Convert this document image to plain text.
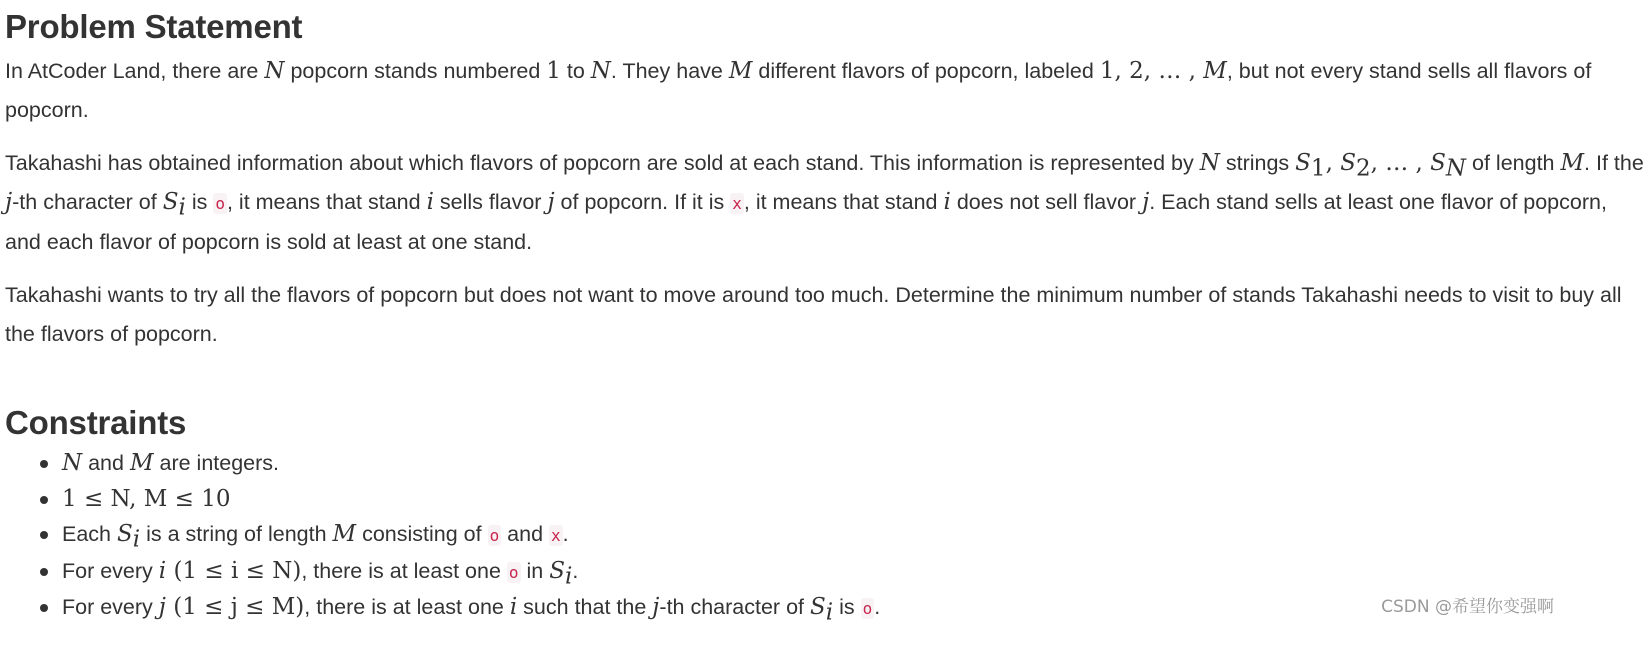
Problem Statement

In AtCoder Land, there are N popcorn stands numbered 1 to N. They have M different flavors of popcorn, labeled 1, 2, … , M, but not every stand sells all flavors of popcorn.

Takahashi has obtained information about which flavors of popcorn are sold at each stand. This information is represented by N strings $S_1$, $S_2$, … , $S_N$ of length M. If the j-th character of $S_i$ is o, it means that stand i sells flavor j of popcorn. If it is x, it means that stand i does not sell flavor j. Each stand sells at least one flavor of popcorn, and each flavor of popcorn is sold at least at one stand.

Takahashi wants to try all the flavors of popcorn but does not want to move around too much. Determine the minimum number of stands Takahashi needs to visit to buy all the flavors of popcorn.

Constraints
N and M are integers.
1 ≤ N, M ≤ 10
Each $S_i$ is a string of length M consisting of o and x.
For every i (1 ≤ i ≤ N), there is at least one o in $S_i$.
For every j (1 ≤ j ≤ M), there is at least one i such that the j-th character of $S_i$ is o.	CSDN @希望你变强啊
